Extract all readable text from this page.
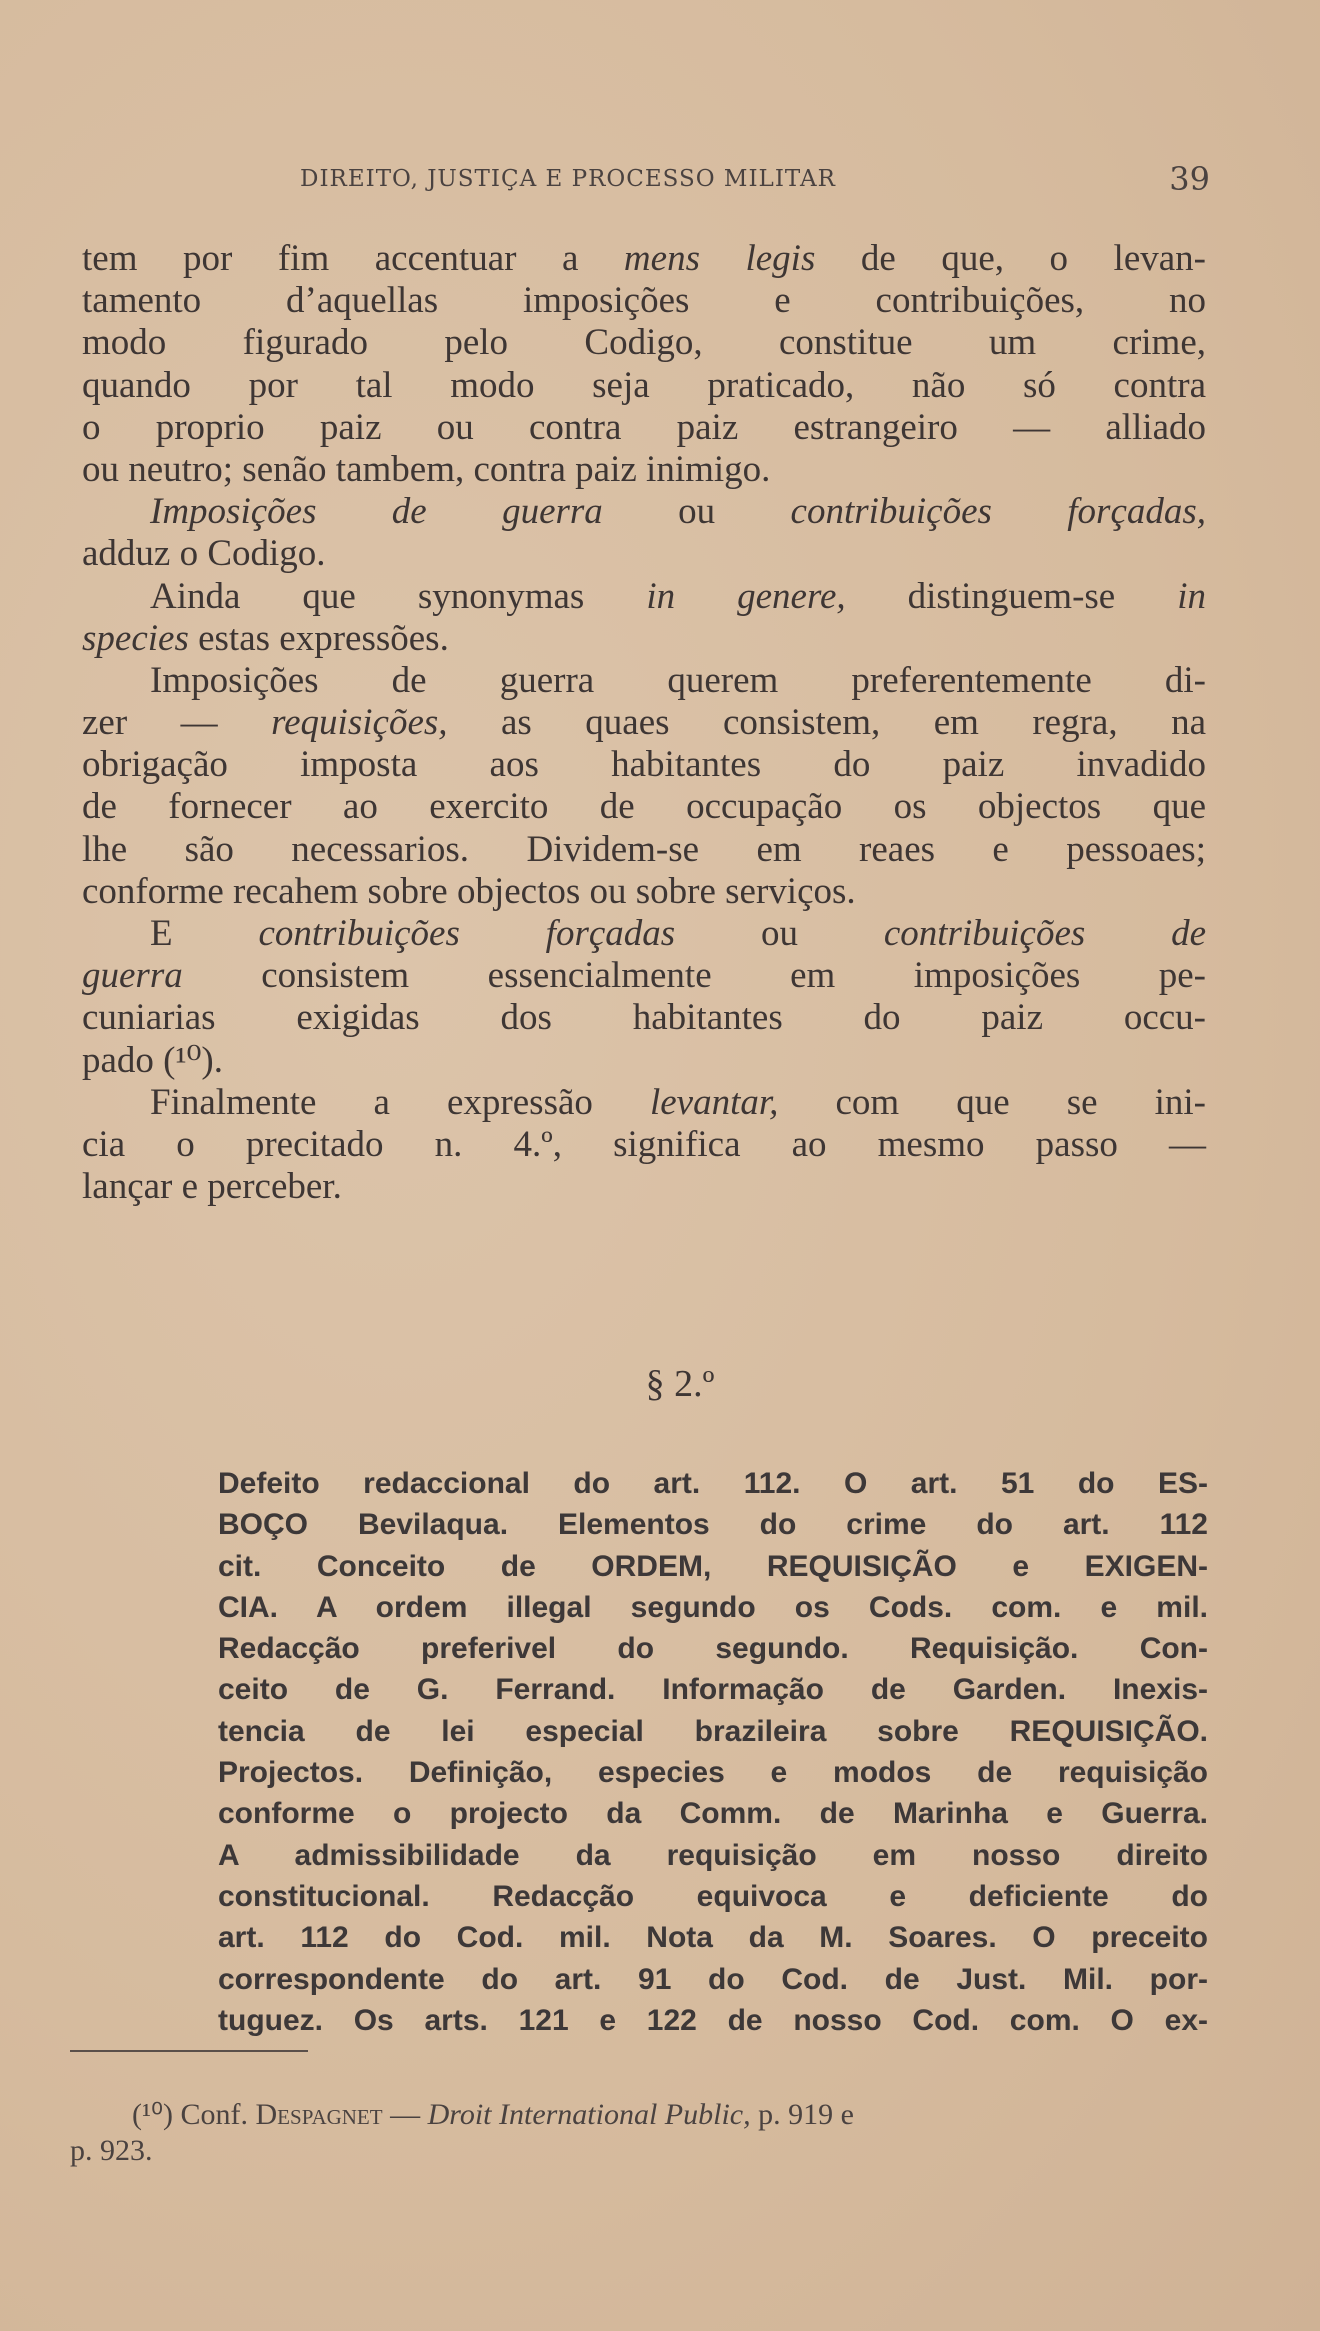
DIREITO, JUSTIÇA E PROCESSO MILITAR	39
tem por fim accentuar a mens legis de que, o levan-
tamento d’aquellas imposições e contribuições, no
modo figurado pelo Codigo, constitue um crime,
quando por tal modo seja praticado, não só contra
o proprio paiz ou contra paiz estrangeiro — alliado
ou neutro; senão tambem, contra paiz inimigo.
Imposições de guerra ou contribuições forçadas,
adduz o Codigo.
Ainda que synonymas in genere, distinguem-se in
species estas expressões.
Imposições de guerra querem preferentemente di-
zer — requisições, as quaes consistem, em regra, na
obrigação imposta aos habitantes do paiz invadido
de fornecer ao exercito de occupação os objectos que
lhe são necessarios. Dividem-se em reaes e pessoaes;
conforme recahem sobre objectos ou sobre serviços.
E contribuições forçadas ou contribuições de
guerra consistem essencialmente em imposições pe-
cuniarias exigidas dos habitantes do paiz occu-
pado (¹⁰).
Finalmente a expressão levantar, com que se ini-
cia o precitado n. 4.º, significa ao mesmo passo —
lançar e perceber.
§ 2.º
Defeito redaccional do art. 112. O art. 51 do ES-
BOÇO Bevilaqua. Elementos do crime do art. 112
cit. Conceito de ORDEM, REQUISIÇÃO e EXIGEN-
CIA. A ordem illegal segundo os Cods. com. e mil.
Redacção preferivel do segundo. Requisição. Con-
ceito de G. Ferrand. Informação de Garden. Inexis-
tencia de lei especial brazileira sobre REQUISIÇÃO.
Projectos. Definição, especies e modos de requisição
conforme o projecto da Comm. de Marinha e Guerra.
A admissibilidade da requisição em nosso direito
constitucional. Redacção equivoca e deficiente do
art. 112 do Cod. mil. Nota da M. Soares. O preceito
correspondente do art. 91 do Cod. de Just. Mil. por-
tuguez. Os arts. 121 e 122 de nosso Cod. com. O ex-
(¹⁰) Conf. Despagnet — Droit International Public, p. 919 e
p. 923.
